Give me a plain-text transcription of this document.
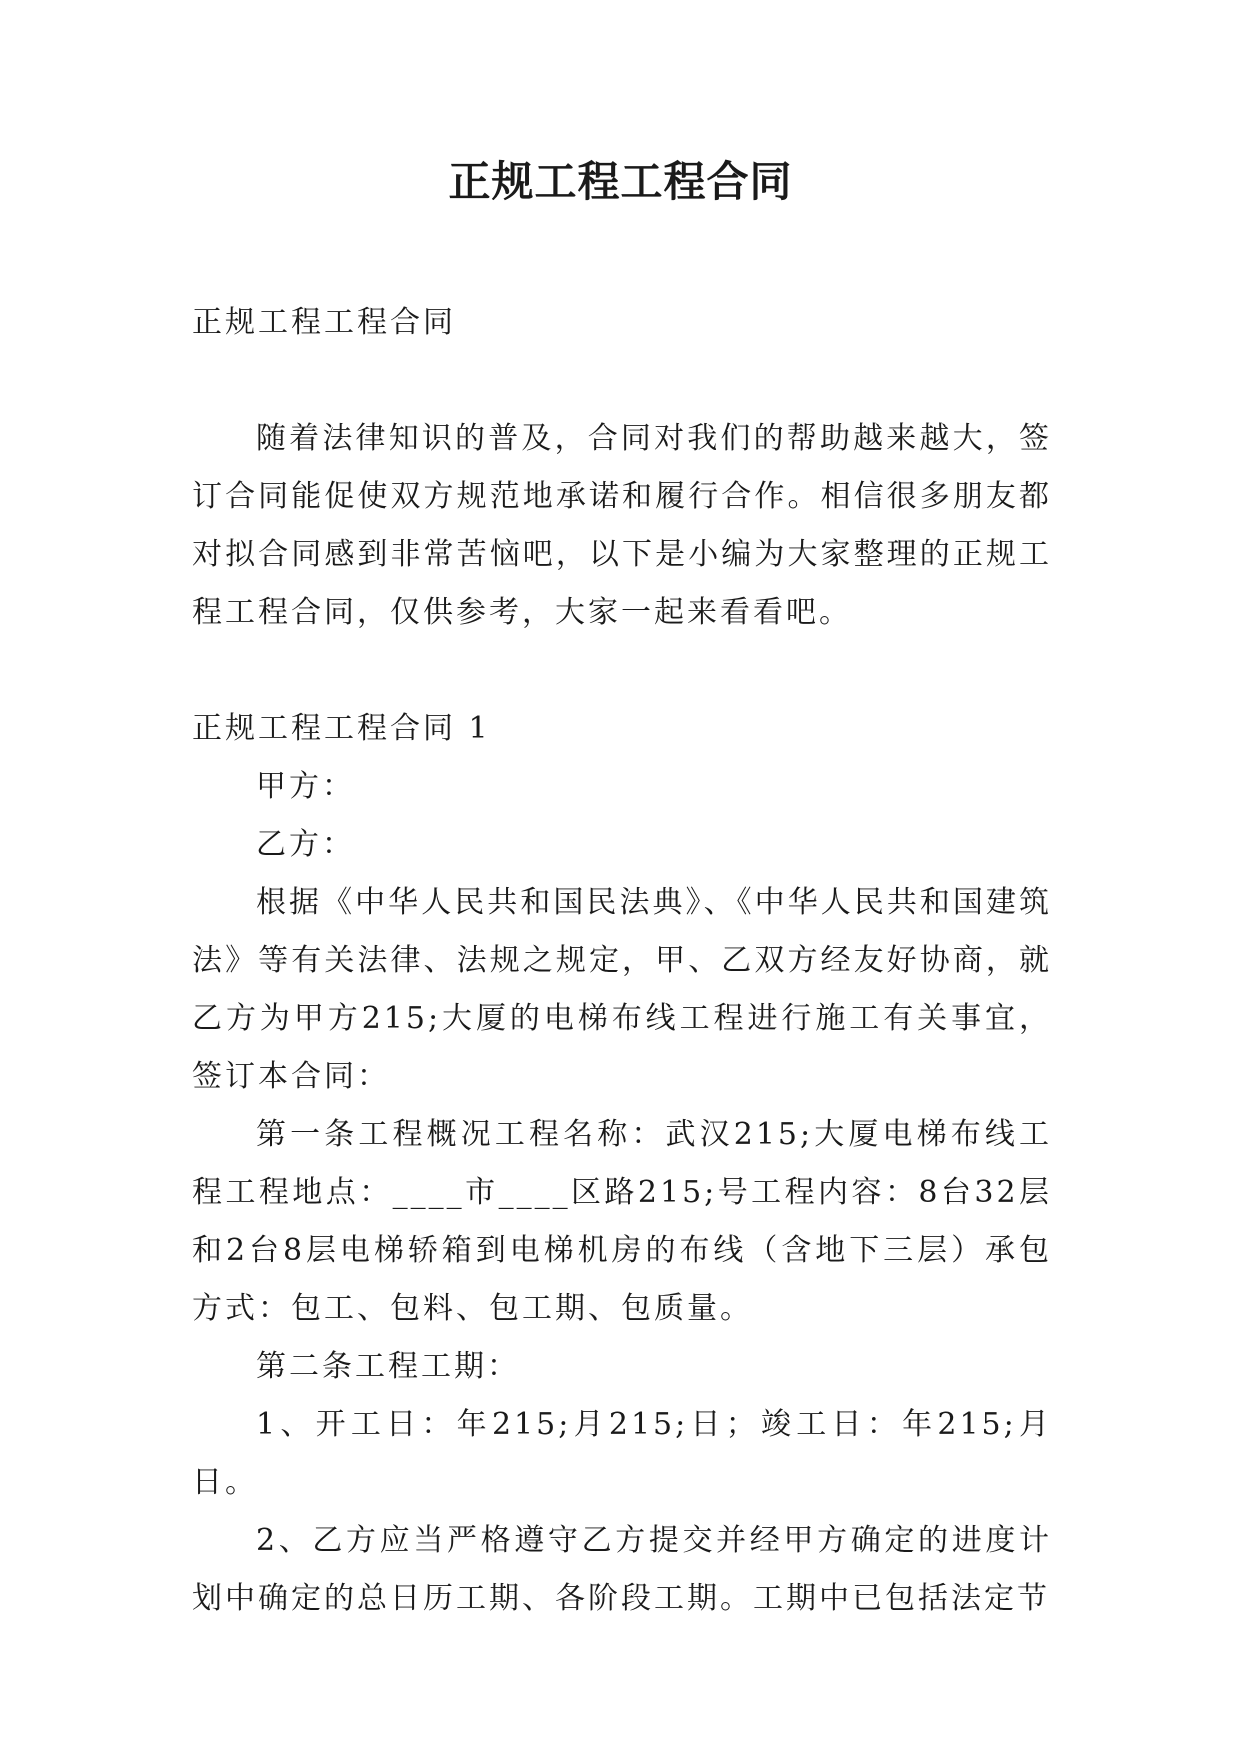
正规工程工程合同

正规工程工程合同

随着法律知识的普及，合同对我们的帮助越来越大，签订合同能促使双方规范地承诺和履行合作。相信很多朋友都对拟合同感到非常苦恼吧，以下是小编为大家整理的正规工程工程合同，仅供参考，大家一起来看看吧。

正规工程工程合同 1

甲方：

乙方：

根据《中华人民共和国民法典》、《中华人民共和国建筑法》等有关法律、法规之规定，甲、乙双方经友好协商，就乙方为甲方215;大厦的电梯布线工程进行施工有关事宜，签订本合同：

第一条工程概况工程名称：武汉215;大厦电梯布线工程工程地点：____市____区路215;号工程内容：8台32层和2台8层电梯轿箱到电梯机房的布线（含地下三层）承包方式：包工、包料、包工期、包质量。

第二条工程工期：

1、开工日：年215;月215;日；竣工日：年215;月日。

2、乙方应当严格遵守乙方提交并经甲方确定的进度计划中确定的总日历工期、各阶段工期。工期中已包括法定节
